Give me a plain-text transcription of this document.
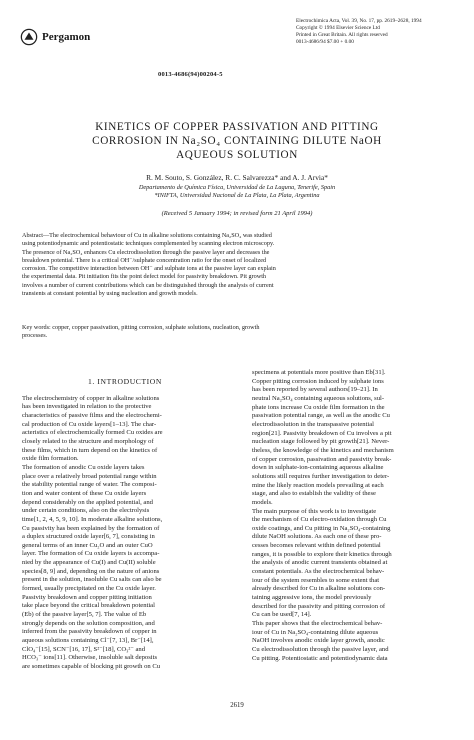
Pergamon
Electrochimica Acta, Vol. 39, No. 17, pp. 2619–2628, 1994
Copyright © 1994 Elsevier Science Ltd
Printed in Great Britain. All rights reserved
0013-4686/94 $7.00 + 0.00
0013-4686(94)00204-5
KINETICS OF COPPER PASSIVATION AND PITTING
CORROSION IN Na₂SO₄ CONTAINING DILUTE NaOH
AQUEOUS SOLUTION
R. M. Souto, S. González, R. C. Salvarezza* and A. J. Arvia*
Departamento de Química Física, Universidad de La Laguna, Tenerife, Spain
*INIFTA, Universidad Nacional de La Plata, La Plata, Argentina
(Received 5 January 1994; in revised form 21 April 1994)
Abstract—The electrochemical behaviour of Cu in alkaline solutions containing Na₂SO₄ was studied
using potentiodynamic and potentiostatic techniques complemented by scanning electron microscopy.
The presence of Na₂SO₄ enhances Cu electrodissolution through the passive layer and decreases the
breakdown potential. There is a critical OH⁻/sulphate concentration ratio for the onset of localized
corrosion. The competitive interaction between OH⁻ and sulphate ions at the passive layer can explain
the experimental data. Pit initiation fits the point defect model for passivity breakdown. Pit growth
involves a number of current contributions which can be distinguished through the analysis of current
transients at constant potential by using nucleation and growth models.
Key words: copper, copper passivation, pitting corrosion, sulphate solutions, nucleation, growth
processes.
1. INTRODUCTION
The electrochemistry of copper in alkaline solutions
has been investigated in relation to the protective
characteristics of passive films and the electrochemi-
cal production of Cu oxide layers[1–13]. The char-
acteristics of electrochemically formed Cu oxides are
closely related to the structure and morphology of
these films, which in turn depend on the kinetics of
oxide film formation.
The formation of anodic Cu oxide layers takes
place over a relatively broad potential range within
the stability potential range of water. The composi-
tion and water content of these Cu oxide layers
depend considerably on the applied potential, and
under certain conditions, also on the electrolysis
time[1, 2, 4, 5, 9, 10]. In moderate alkaline solutions,
Cu passivity has been explained by the formation of
a duplex structured oxide layer[6, 7], consisting in
general terms of an inner Cu₂O and an outer CuO
layer. The formation of Cu oxide layers is accompa-
nied by the appearance of Cu(I) and Cu(II) soluble
species[8, 9] and, depending on the nature of anions
present in the solution, insoluble Cu salts can also be
formed, usually precipitated on the Cu oxide layer.
Passivity breakdown and copper pitting initiation
take place beyond the critical breakdown potential
(Eb) of the passive layer[5, 7]. The value of Eb
strongly depends on the solution composition, and
inferred from the passivity breakdown of copper in
aqueous solutions containing Cl⁻[7, 13], Br⁻[14],
ClO₄⁻[15], SCN⁻[16, 17], S²⁻[18], CO₃²⁻ and
HCO₃⁻ ions[11]. Otherwise, insoluble salt deposits
are sometimes capable of blocking pit growth on Cu
specimens at potentials more positive than Eb[31].
Copper pitting corrosion induced by sulphate ions
has been reported by several authors[19–21]. In
neutral Na₂SO₄ containing aqueous solutions, sul-
phate ions increase Cu oxide film formation in the
passivation potential range, as well as the anodic Cu
electrodissolution in the transpassive potential
region[21]. Passivity breakdown of Cu involves a pit
nucleation stage followed by pit growth[21]. Never-
theless, the knowledge of the kinetics and mechanism
of copper corrosion, passivation and passivity break-
down in sulphate-ion-containing aqueous alkaline
solutions still requires further investigation to deter-
mine the likely reaction models prevailing at each
stage, and also to establish the validity of these
models.
The main purpose of this work is to investigate
the mechanism of Cu electro-oxidation through Cu
oxide coatings, and Cu pitting in Na₂SO₄-containing
dilute NaOH solutions. As each one of these pro-
cesses becomes relevant within defined potential
ranges, it is possible to explore their kinetics through
the analysis of anodic current transients obtained at
constant potentials. As the electrochemical behav-
iour of the system resembles to some extent that
already described for Cu in alkaline solutions con-
taining aggressive ions, the model previously
described for the passivity and pitting corrosion of
Cu can be used[7, 14].
This paper shows that the electrochemical behav-
iour of Cu in Na₂SO₄-containing dilute aqueous
NaOH involves anodic oxide layer growth, anodic
Cu electrodissolution through the passive layer, and
Cu pitting. Potentiostatic and potentiodynamic data
2619
